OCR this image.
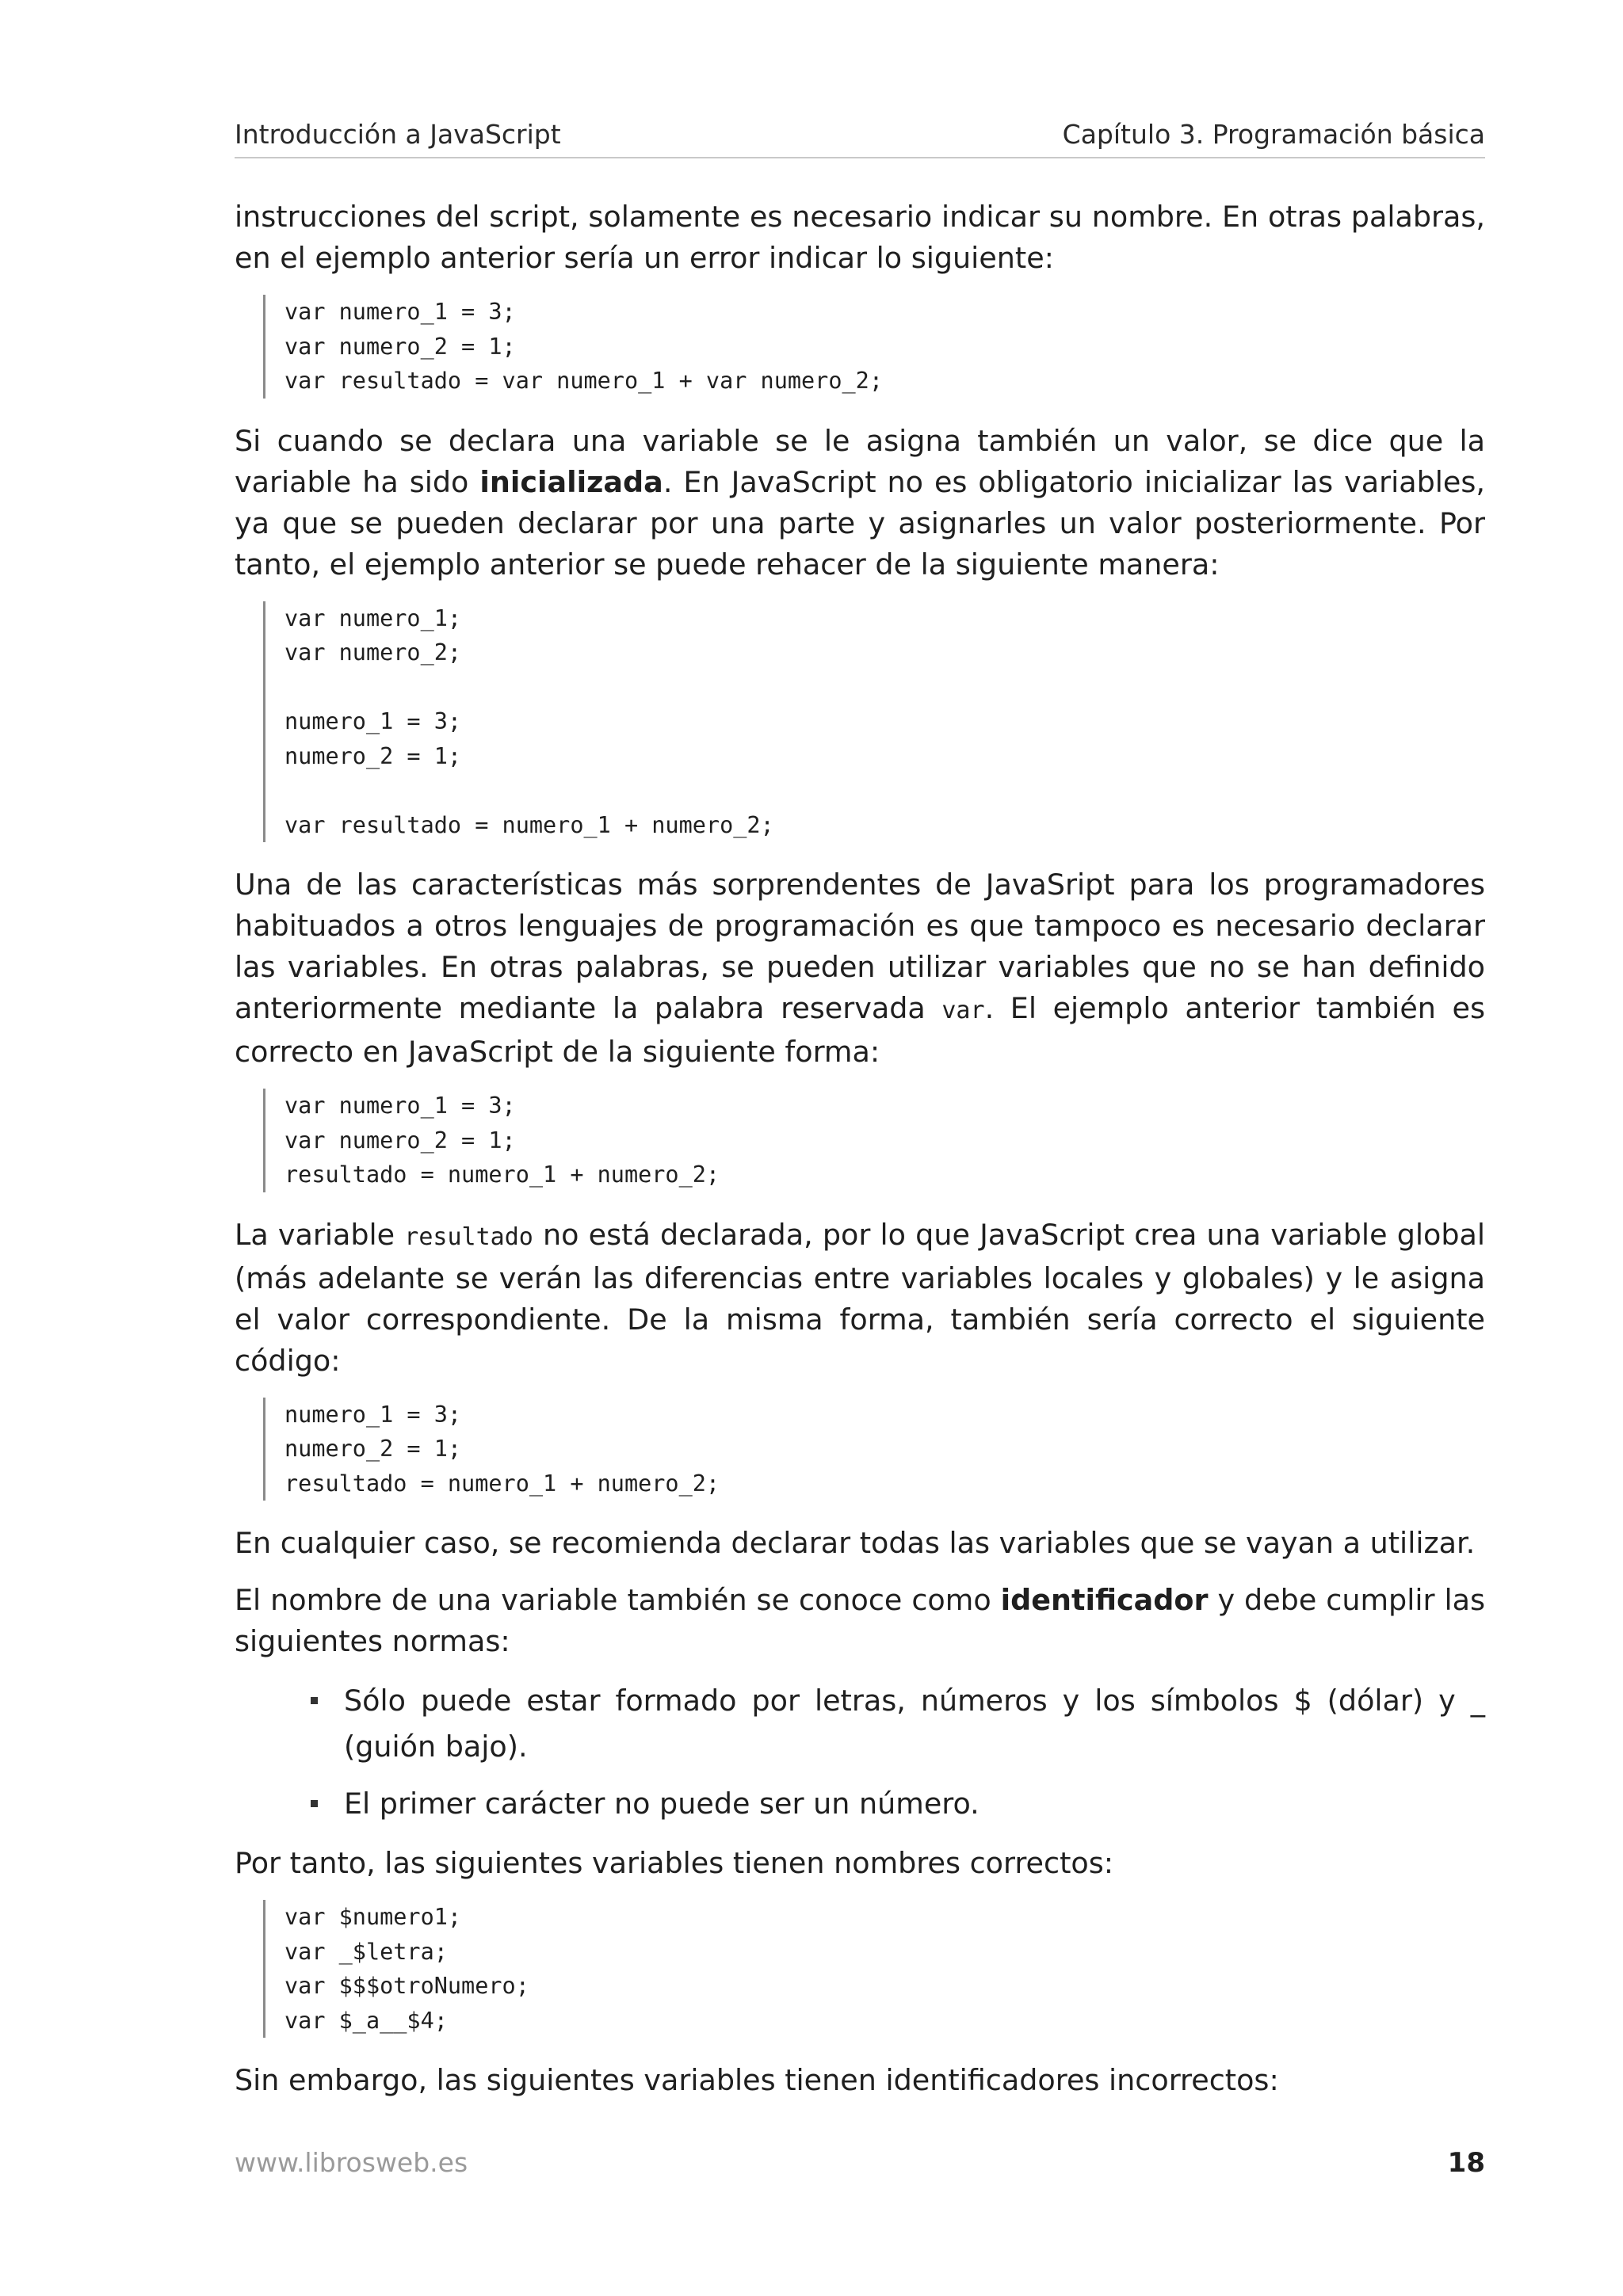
Introducción a JavaScript	Capítulo 3. Programación básica

instrucciones del script, solamente es necesario indicar su nombre. En otras palabras, en el ejemplo anterior sería un error indicar lo siguiente:

var numero_1 = 3;
var numero_2 = 1;
var resultado = var numero_1 + var numero_2;

Si cuando se declara una variable se le asigna también un valor, se dice que la variable ha sido inicializada. En JavaScript no es obligatorio inicializar las variables, ya que se pueden declarar por una parte y asignarles un valor posteriormente. Por tanto, el ejemplo anterior se puede rehacer de la siguiente manera:

var numero_1;
var numero_2;
numero_1 = 3;
numero_2 = 1;
var resultado = numero_1 + numero_2;

Una de las características más sorprendentes de JavaSript para los programadores habituados a otros lenguajes de programación es que tampoco es necesario declarar las variables. En otras palabras, se pueden utilizar variables que no se han definido anteriormente mediante la palabra reservada var. El ejemplo anterior también es correcto en JavaScript de la siguiente forma:

var numero_1 = 3;
var numero_2 = 1;
resultado = numero_1 + numero_2;

La variable resultado no está declarada, por lo que JavaScript crea una variable global (más adelante se verán las diferencias entre variables locales y globales) y le asigna el valor correspondiente. De la misma forma, también sería correcto el siguiente código:

numero_1 = 3;
numero_2 = 1;
resultado = numero_1 + numero_2;

En cualquier caso, se recomienda declarar todas las variables que se vayan a utilizar.

El nombre de una variable también se conoce como identificador y debe cumplir las siguientes normas:

Sólo puede estar formado por letras, números y los símbolos $ (dólar) y _ (guión bajo).
El primer carácter no puede ser un número.

Por tanto, las siguientes variables tienen nombres correctos:

var $numero1;
var _$letra;
var $$$otroNumero;
var $_a__$4;

Sin embargo, las siguientes variables tienen identificadores incorrectos:

www.librosweb.es	18
